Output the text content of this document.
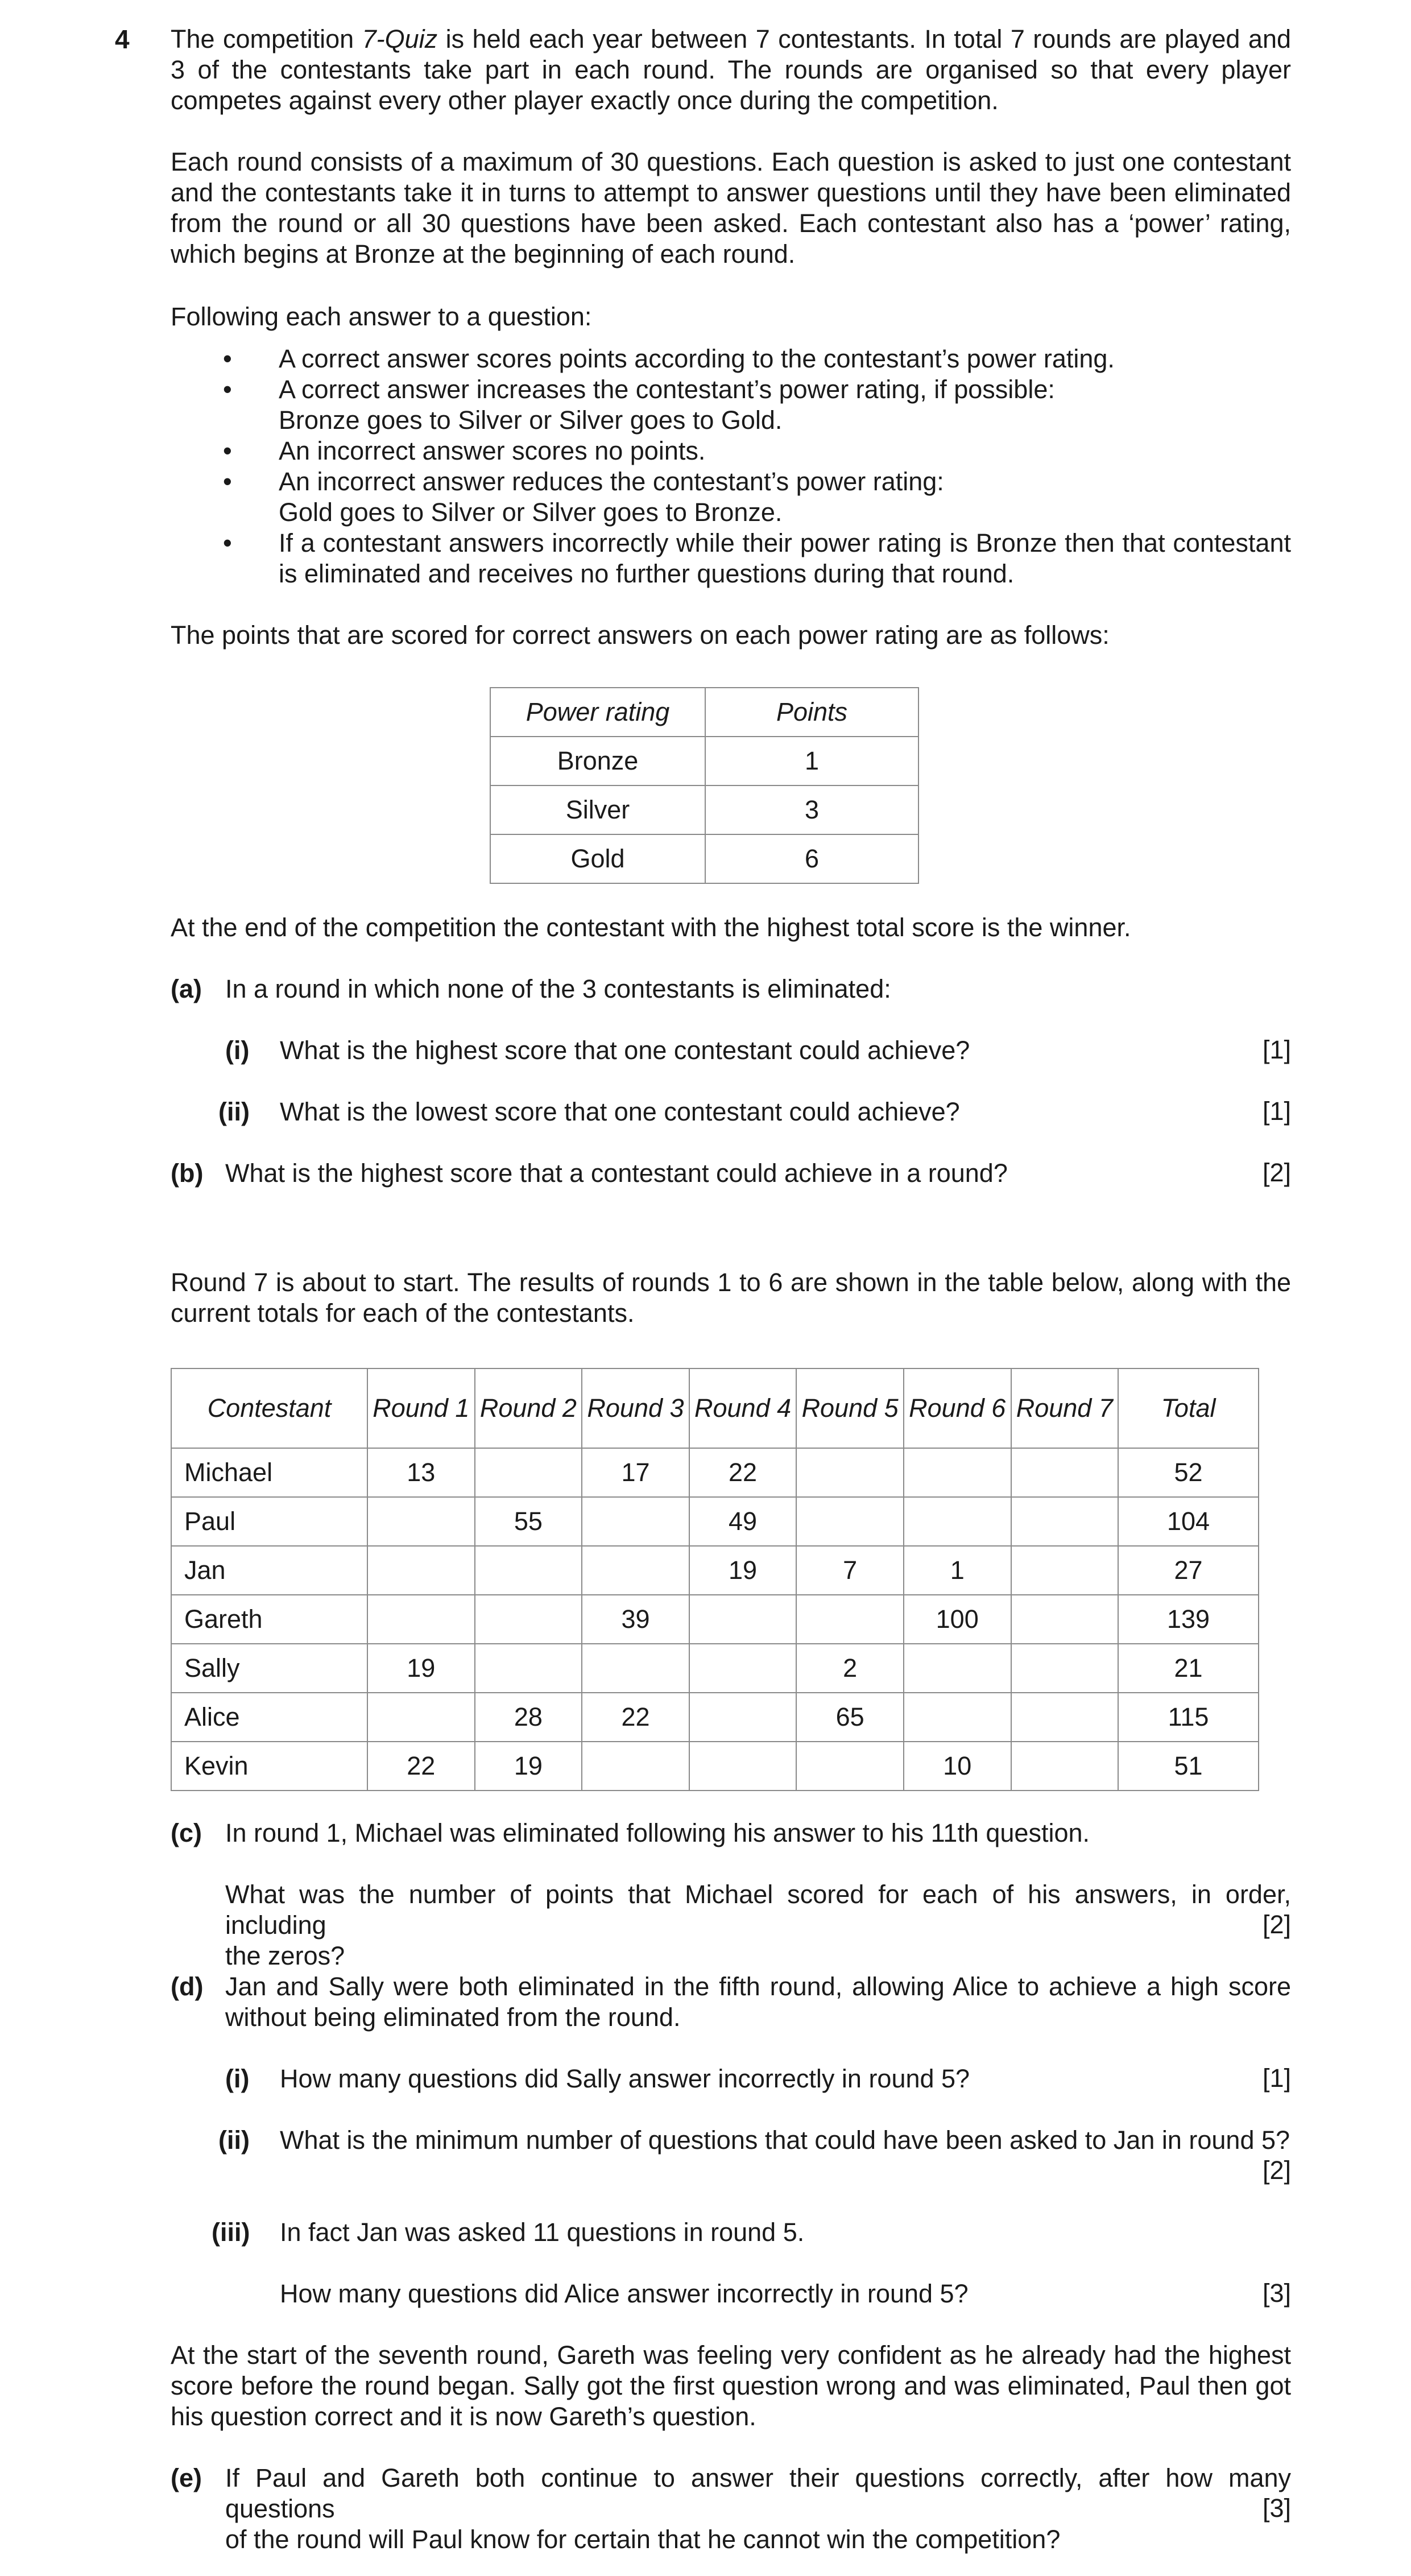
4 The competition 7-Quiz is held each year between 7 contestants. In total 7 rounds are played and 3 of the contestants take part in each round. The rounds are organised so that every player competes against every other player exactly once during the competition.

Each round consists of a maximum of 30 questions. Each question is asked to just one contestant and the contestants take it in turns to attempt to answer questions until they have been eliminated from the round or all 30 questions have been asked. Each contestant also has a ‘power’ rating, which begins at Bronze at the beginning of each round.

Following each answer to a question:

•	A correct answer scores points according to the contestant’s power rating.
•	A correct answer increases the contestant’s power rating, if possible:
Bronze goes to Silver or Silver goes to Gold.
•	An incorrect answer scores no points.
•	An incorrect answer reduces the contestant’s power rating:
Gold goes to Silver or Silver goes to Bronze.
•	If a contestant answers incorrectly while their power rating is Bronze then that contestant is eliminated and receives no further questions during that round.

The points that are scored for correct answers on each power rating are as follows:

Power rating	Points
Bronze	1
Silver	3
Gold	6

At the end of the competition the contestant with the highest total score is the winner.

(a) In a round in which none of the 3 contestants is eliminated:
(i) What is the highest score that one contestant could achieve?	[1]
(ii) What is the lowest score that one contestant could achieve?	[1]
(b) What is the highest score that a contestant could achieve in a round?	[2]

Round 7 is about to start. The results of rounds 1 to 6 are shown in the table below, along with the current totals for each of the contestants.

Contestant	Round 1	Round 2	Round 3	Round 4	Round 5	Round 6	Round 7	Total
Michael	13		17	22				52
Paul		55		49				104
Jan				19	7	1		27
Gareth			39			100		139
Sally	19				2			21
Alice		28	22		65			115
Kevin	22	19				10		51
(c) In round 1, Michael was eliminated following his answer to his 11th question.
What was the number of points that Michael scored for each of his answers, in order, including
the zeros?
[2]
(d) Jan and Sally were both eliminated in the fifth round, allowing Alice to achieve a high score without being eliminated from the round.
(i) How many questions did Sally answer incorrectly in round 5?	[1]
(ii) What is the minimum number of questions that could have been asked to Jan in round 5?
[2]
(iii) In fact Jan was asked 11 questions in round 5.
How many questions did Alice answer incorrectly in round 5?	[3]

At the start of the seventh round, Gareth was feeling very confident as he already had the highest score before the round began. Sally got the first question wrong and was eliminated, Paul then got his question correct and it is now Gareth’s question.

(e) If Paul and Gareth both continue to answer their questions correctly, after how many questions
of the round will Paul know for certain that he cannot win the competition?
[3]
